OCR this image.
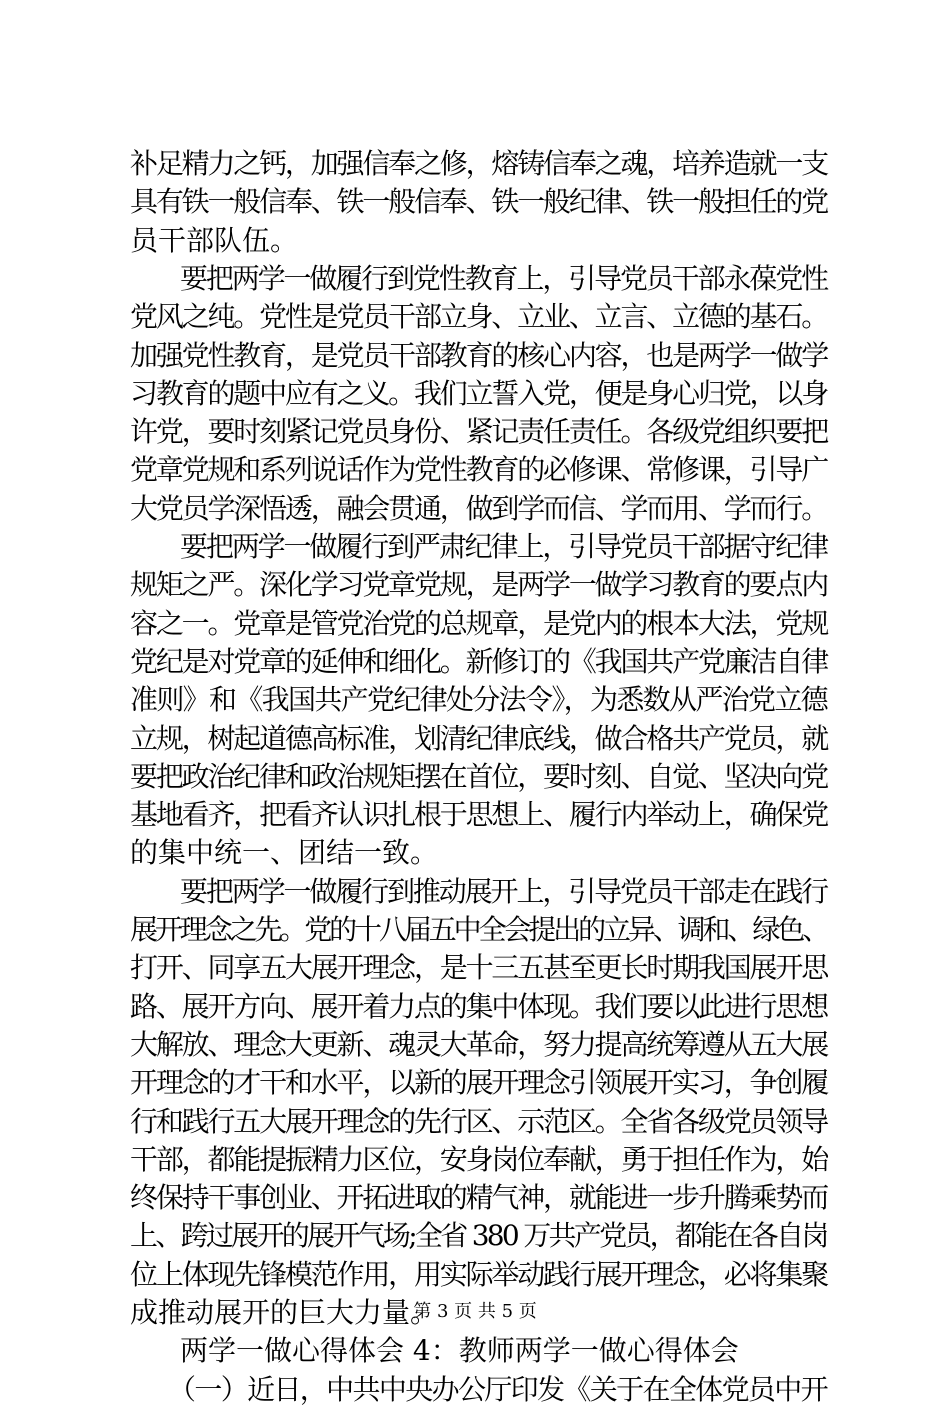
补足精力之钙，加强信奉之修，熔铸信奉之魂，培养造就一支
具有铁一般信奉、铁一般信奉、铁一般纪律、铁一般担任的党
员干部队伍。
要把两学一做履行到党性教育上，引导党员干部永葆党性
党风之纯。党性是党员干部立身、立业、立言、立德的基石。
加强党性教育，是党员干部教育的核心内容，也是两学一做学
习教育的题中应有之义。我们立誓入党，便是身心归党，以身
许党，要时刻紧记党员身份、紧记责任责任。各级党组织要把
党章党规和系列说话作为党性教育的必修课、常修课，引导广
大党员学深悟透，融会贯通，做到学而信、学而用、学而行。
要把两学一做履行到严肃纪律上，引导党员干部据守纪律
规矩之严。深化学习党章党规，是两学一做学习教育的要点内
容之一。党章是管党治党的总规章，是党内的根本大法，党规
党纪是对党章的延伸和细化。新修订的《我国共产党廉洁自律
准则》和《我国共产党纪律处分法令》，为悉数从严治党立德
立规，树起道德高标准，划清纪律底线，做合格共产党员，就
要把政治纪律和政治规矩摆在首位，要时刻、自觉、坚决向党
基地看齐，把看齐认识扎根于思想上、履行内举动上，确保党
的集中统一、团结一致。
要把两学一做履行到推动展开上，引导党员干部走在践行
展开理念之先。党的十八届五中全会提出的立异、调和、绿色、
打开、同享五大展开理念，是十三五甚至更长时期我国展开思
路、展开方向、展开着力点的集中体现。我们要以此进行思想
大解放、理念大更新、魂灵大革命，努力提高统筹遵从五大展
开理念的才干和水平，以新的展开理念引领展开实习，争创履
行和践行五大展开理念的先行区、示范区。全省各级党员领导
干部，都能提振精力区位，安身岗位奉献，勇于担任作为，始
终保持干事创业、开拓进取的精气神，就能进一步升腾乘势而
上、跨过展开的展开气场;全省 380 万共产党员，都能在各自岗
位上体现先锋模范作用，用实际举动践行展开理念，必将集聚
成推动展开的巨大力量。
两学一做心得体会 4：教师两学一做心得体会
（一）近日，中共中央办公厅印发《关于在全体党员中开
第 3 页 共 5 页
